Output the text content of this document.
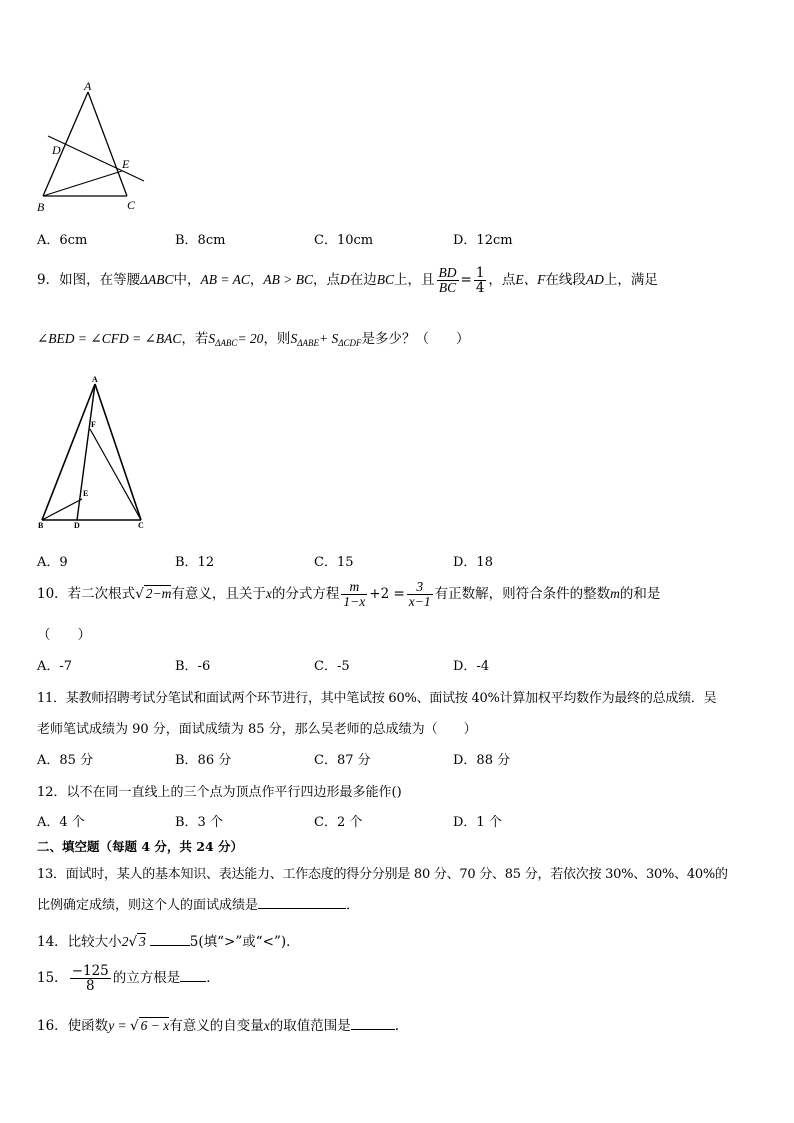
A
D
E
B	C
A．6cm	B．8cm	C．10cm	D．12cm
9．如图，在等腰ΔABC中，AB = AC，AB > BC，点D在边BC上，且 $\frac{BD}{BC} = \frac{1}{4}$ ，点E、F在线段AD上，满足
∠BED = ∠CFD = ∠BAC，若$S_{\Delta ABC}= 20$，则$S_{\Delta ABE}+ S_{\Delta CDF}$是多少？（　　）
A
F
E
B	D	C
A．9	B．12	C．15	D．18
10．若二次根式√ 2−m有意义，且关于x的分式方程 $\frac{m}{1-x} +2 = \frac{3}{x-1}$ 有正数解，则符合条件的整数m的和是
（　　）
A．-7	B．-6	C．-5	D．-4
11．某教师招聘考试分笔试和面试两个环节进行，其中笔试按 60%、面试按 40%计算加权平均数作为最终的总成绩．吴
老师笔试成绩为 90 分，面试成绩为 85 分，那么吴老师的总成绩为（　　）
A．85 分	B．86 分	C．87 分	D．88 分
12．以不在同一直线上的三个点为顶点作平行四边形最多能作()
A．4 个	B．3 个	C．2 个	D．1 个
二、填空题（每题 4 分，共 24 分）
13．面试时，某人的基本知识、表达能力、工作态度的得分分别是 80 分、70 分、85 分，若依次按 30%、30%、40%的
比例确定成绩，则这个人的面试成绩是	．
14．比较大小2√ 3	5(填“>”或“<”)．
15． $\frac{-125}{8}$ 的立方根是 ．
16．使函数y = √ 6 − x有意义的自变量x的取值范围是	.
